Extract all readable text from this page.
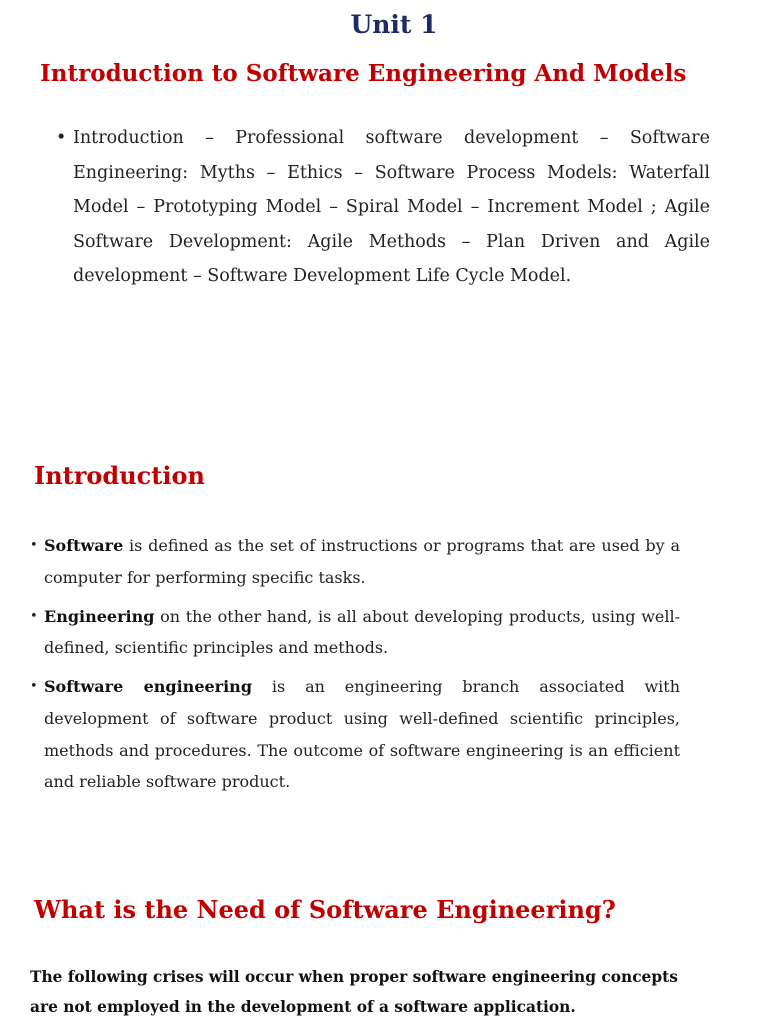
Unit 1
Introduction to Software Engineering And Models
• Introduction – Professional software development – Software Engineering: Myths – Ethics – Software Process Models: Waterfall Model – Prototyping Model – Spiral Model – Increment Model ; Agile Software Development: Agile Methods – Plan Driven and Agile development – Software Development Life Cycle Model.
Introduction
• Software is defined as the set of instructions or programs that are used by a computer for performing specific tasks.
• Engineering on the other hand, is all about developing products, using well-defined, scientific principles and methods.
• Software engineering is an engineering branch associated with development of software product using well-defined scientific principles, methods and procedures. The outcome of software engineering is an efficient and reliable software product.
What is the Need of Software Engineering?

The following crises will occur when proper software engineering concepts are not employed in the development of a software application.
